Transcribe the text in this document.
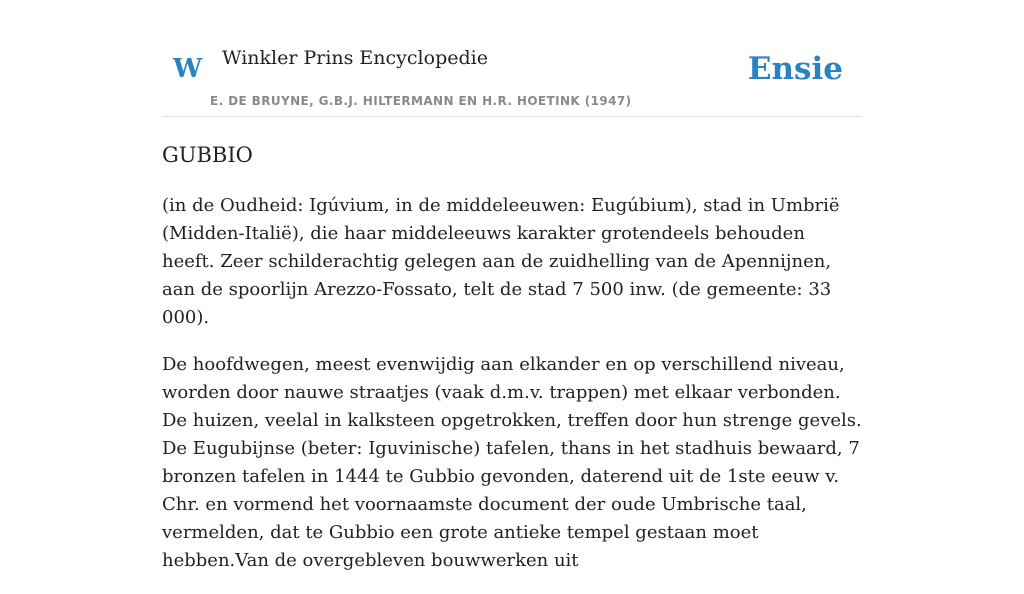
W Winkler Prins Encyclopedie
E. DE BRUYNE, G.B.J. HILTERMANN EN H.R. HOETINK (1947)
Ensie
GUBBIO

(in de Oudheid: Igúvium, in de middeleeuwen: Eugúbium), stad in Umbrië (Midden-Italië), die haar middeleeuws karakter grotendeels behouden heeft. Zeer schilderachtig gelegen aan de zuidhelling van de Apennijnen, aan de spoorlijn Arezzo-Fossato, telt de stad 7 500 inw. (de gemeente: 33 000).

De hoofdwegen, meest evenwijdig aan elkander en op verschillend niveau, worden door nauwe straatjes (vaak d.m.v. trappen) met elkaar verbonden. De huizen, veelal in kalksteen opgetrokken, treffen door hun strenge gevels. De Eugubijnse (beter: Iguvinische) tafelen, thans in het stadhuis bewaard, 7 bronzen tafelen in 1444 te Gubbio gevonden, daterend uit de 1ste eeuw v. Chr. en vormend het voornaamste document der oude Umbrische taal, vermelden, dat te Gubbio een grote antieke tempel gestaan moet hebben.Van de overgebleven bouwwerken uit
